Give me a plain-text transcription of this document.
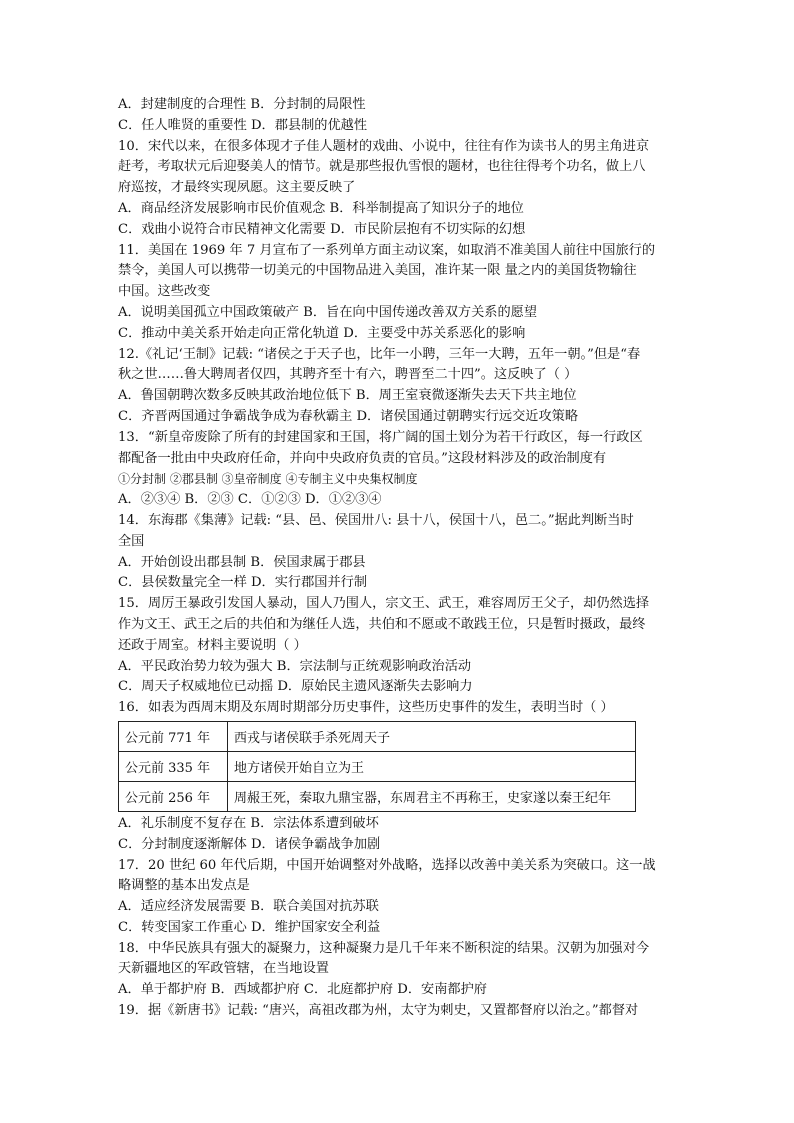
A．封建制度的合理性 B．分封制的局限性
C．任人唯贤的重要性 D．郡县制的优越性
10．宋代以来，在很多体现才子佳人题材的戏曲、小说中，往往有作为读书人的男主角进京
赶考，考取状元后迎娶美人的情节。就是那些报仇雪恨的题材，也往往得考个功名，做上八
府巡按，才最终实现夙愿。这主要反映了
A．商品经济发展影响市民价值观念 B．科举制提高了知识分子的地位
C．戏曲小说符合市民精神文化需要 D．市民阶层抱有不切实际的幻想
11．美国在 1969 年 7 月宣布了一系列单方面主动议案，如取消不准美国人前往中国旅行的
禁令，美国人可以携带一切美元的中国物品进入美国，准许某一限 量之内的美国货物输往
中国。这些改变
A．说明美国孤立中国政策破产 B．旨在向中国传递改善双方关系的愿望
C．推动中美关系开始走向正常化轨道 D．主要受中苏关系恶化的影响
12.《礼记‘王制》记载: “诸侯之于天子也，比年一小聘，三年一大聘，五年一朝。”但是“春
秋之世……鲁大聘周者仅四，其聘齐至十有六，聘晋至二十四”。这反映了（ ）
A．鲁国朝聘次数多反映其政治地位低下 B．周王室衰微逐渐失去天下共主地位
C．齐晋两国通过争霸战争成为春秋霸主 D．诸侯国通过朝聘实行远交近攻策略
13．“新皇帝废除了所有的封建国家和王国，将广阔的国土划分为若干行政区，每一行政区
都配备一批由中央政府任命，并向中央政府负责的官员。”这段材料涉及的政治制度有
①分封制 ②郡县制 ③皇帝制度 ④专制主义中央集权制度
A．②③④ B．②③ C．①②③ D．①②③④
14．东海郡《集薄》记载: “县、邑、侯国卅八: 县十八，侯国十八，邑二。”据此判断当时
全国
A．开始创设出郡县制 B．侯国隶属于郡县
C．县侯数量完全一样 D．实行郡国并行制
15．周厉王暴政引发国人暴动，国人乃围人，宗文王、武王，难容周厉王父子，却仍然选择
作为文王、武王之后的共伯和为继任人选，共伯和不愿或不敢践王位，只是暂时摄政，最终
还政于周室。材料主要说明（ ）
A．平民政治势力较为强大 B．宗法制与正统观影响政治活动
C．周天子权威地位已动摇 D．原始民主遗风逐渐失去影响力
16．如表为西周末期及东周时期部分历史事件，这些历史事件的发生，表明当时（ ）
公元前 771 年	西戎与诸侯联手杀死周天子
公元前 335 年	地方诸侯开始自立为王
公元前 256 年	周赧王死，秦取九鼎宝器，东周君主不再称王，史家遂以秦王纪年
A．礼乐制度不复存在 B．宗法体系遭到破坏
C．分封制度逐渐解体 D．诸侯争霸战争加剧
17．20 世纪 60 年代后期，中国开始调整对外战略，选择以改善中美关系为突破口。这一战
略调整的基本出发点是
A．适应经济发展需要 B．联合美国对抗苏联
C．转变国家工作重心 D．维护国家安全利益
18．中华民族具有强大的凝聚力，这种凝聚力是几千年来不断积淀的结果。汉朝为加强对今
天新疆地区的军政管辖，在当地设置
A．单于都护府 B．西域都护府 C．北庭都护府 D．安南都护府
19．据《新唐书》记载: “唐兴，高祖改郡为州，太守为刺史，又置都督府以治之。”都督对
